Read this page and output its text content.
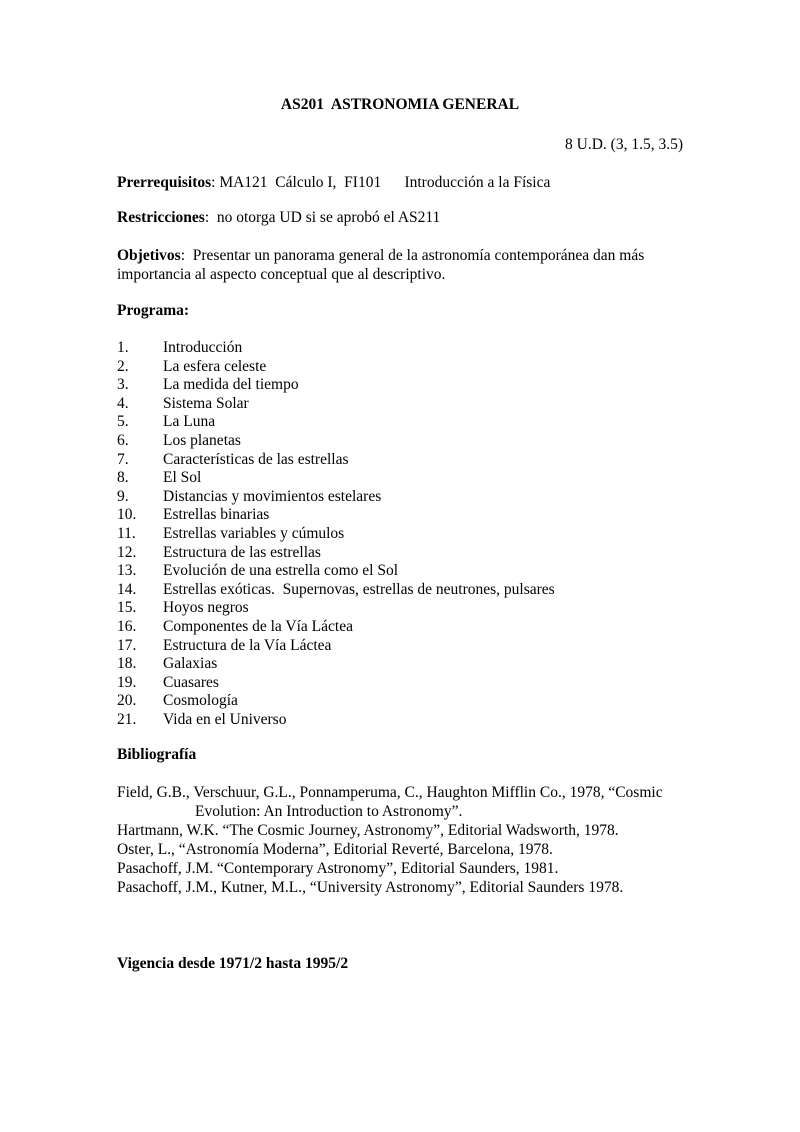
AS201  ASTRONOMIA GENERAL
8 U.D. (3, 1.5, 3.5)

Prerrequisitos: MA121  Cálculo I,  FI101      Introducción a la Física

Restricciones:  no otorga UD si se aprobó el AS211

Objetivos:  Presentar un panorama general de la astronomía contemporánea dan más

importancia al aspecto conceptual que al descriptivo.

Programa:

1.	Introducción
2.	La esfera celeste
3.	La medida del tiempo
4.	Sistema Solar
5.	La Luna
6.	Los planetas
7.	Características de las estrellas
8.	El Sol
9.	Distancias y movimientos estelares
10.	Estrellas binarias
11.	Estrellas variables y cúmulos
12.	Estructura de las estrellas
13.	Evolución de una estrella como el Sol
14.	Estrellas exóticas.  Supernovas, estrellas de neutrones, pulsares
15.	Hoyos negros
16.	Componentes de la Vía Láctea
17.	Estructura de la Vía Láctea
18.	Galaxias
19.	Cuasares
20.	Cosmología
21.	Vida en el Universo

Bibliografía

Field, G.B., Verschuur, G.L., Ponnamperuma, C., Haughton Mifflin Co., 1978, “Cosmic
Evolution: An Introduction to Astronomy”.
Hartmann, W.K. “The Cosmic Journey, Astronomy”, Editorial Wadsworth, 1978.
Oster, L., “Astronomía Moderna”, Editorial Reverté, Barcelona, 1978.
Pasachoff, J.M. “Contemporary Astronomy”, Editorial Saunders, 1981.
Pasachoff, J.M., Kutner, M.L., “University Astronomy”, Editorial Saunders 1978.
Vigencia desde 1971/2 hasta 1995/2
